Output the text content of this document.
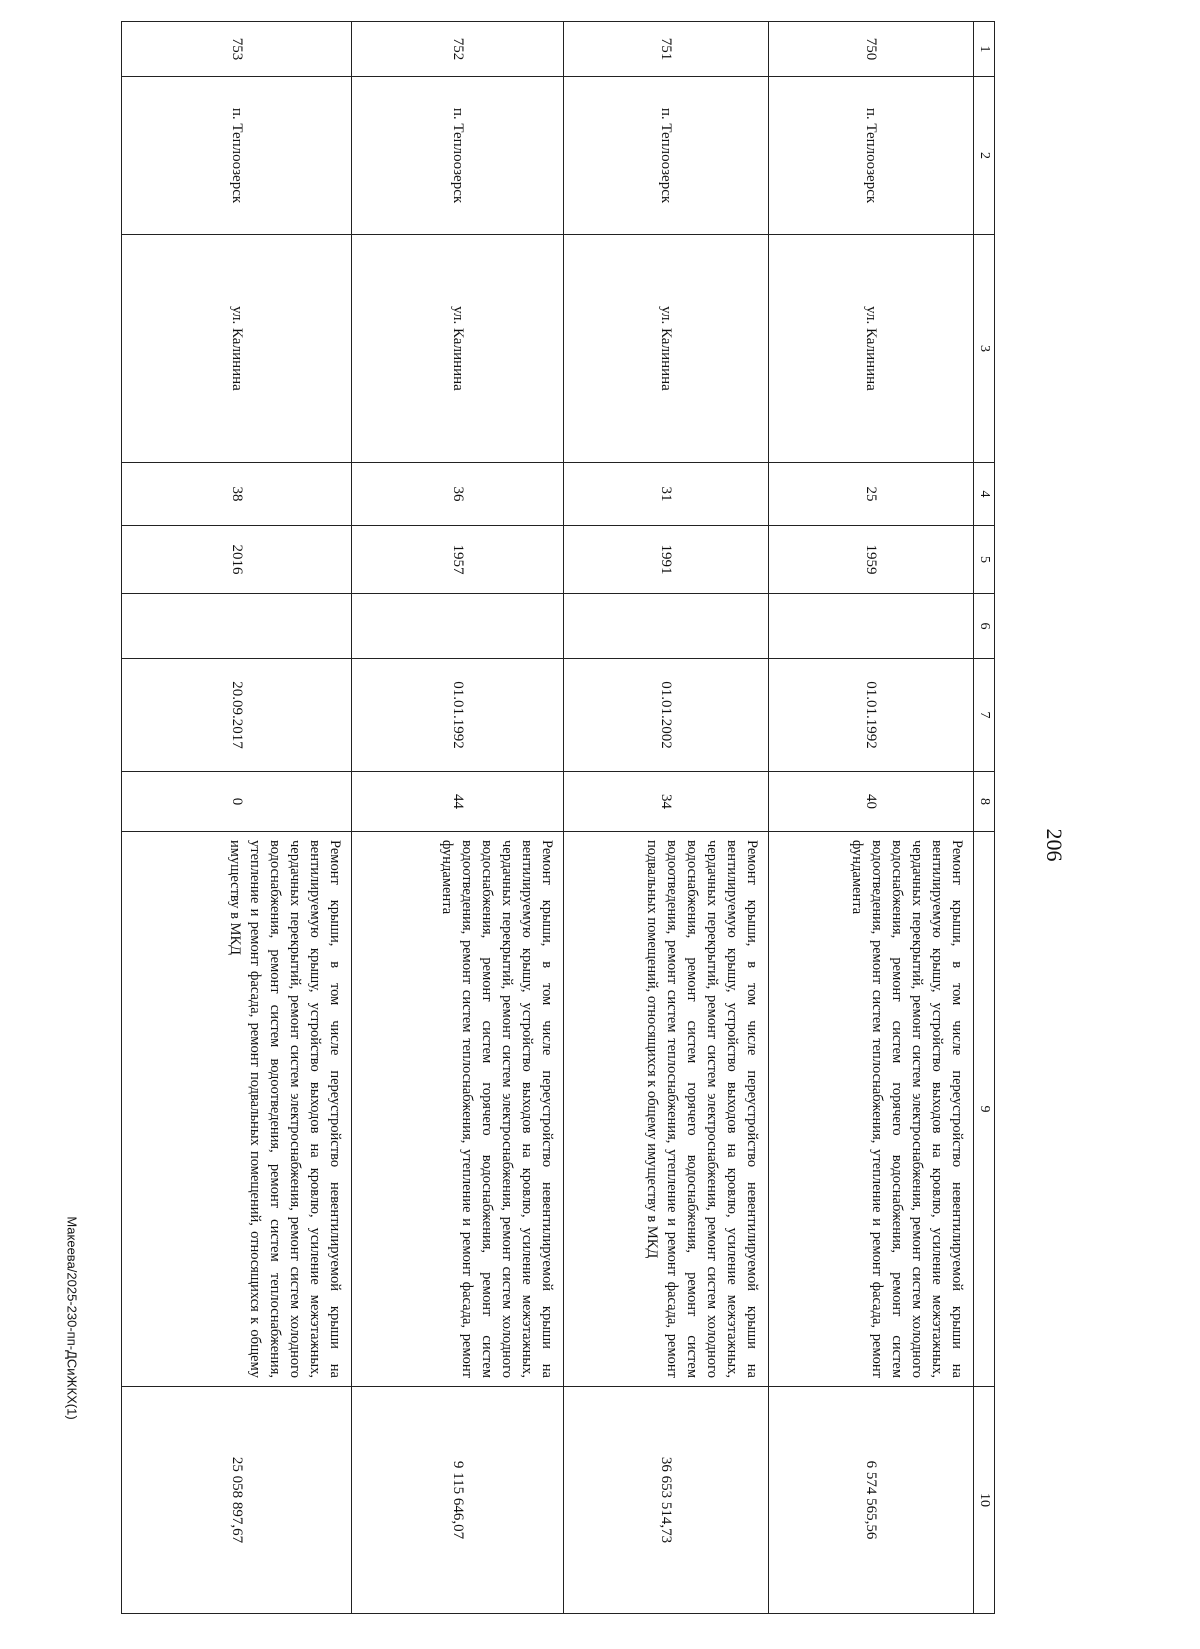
206
1	2	3	4	5	6	7	8	9	10
750	п. Теплоозерск	ул. Калинина	25	1959		01.01.1992	40	Ремонт крыши, в том числе переустройство невентилируемой крыши на вентилируемую крышу, устройство выходов на кровлю, усиление межэтажных, чердачных перекрытий, ремонт систем электроснабжения, ремонт систем холодного водоснабжения, ремонт систем горячего водоснабжения, ремонт систем водоотведения, ремонт систем теплоснабжения, утепление и ремонт фасада, ремонт фундамента	6 574 565,56
751	п. Теплоозерск	ул. Калинина	31	1991		01.01.2002	34	Ремонт крыши, в том числе переустройство невентилируемой крыши на вентилируемую крышу, устройство выходов на кровлю, усиление межэтажных, чердачных перекрытий, ремонт систем электроснабжения, ремонт систем холодного водоснабжения, ремонт систем горячего водоснабжения, ремонт систем водоотведения, ремонт систем теплоснабжения, утепление и ремонт фасада, ремонт подвальных помещений, относящихся к общему имуществу в МКД	36 653 514,73
752	п. Теплоозерск	ул. Калинина	36	1957		01.01.1992	44	Ремонт крыши, в том числе переустройство невентилируемой крыши на вентилируемую крышу, устройство выходов на кровлю, усиление межэтажных, чердачных перекрытий, ремонт систем электроснабжения, ремонт систем холодного водоснабжения, ремонт систем горячего водоснабжения, ремонт систем водоотведения, ремонт систем теплоснабжения, утепление и ремонт фасада, ремонт фундамента	9 115 646,07
753	п. Теплоозерск	ул. Калинина	38	2016		20.09.2017	0	Ремонт крыши, в том числе переустройство невентилируемой крыши на вентилируемую крышу, устройство выходов на кровлю, усиление межэтажных, чердачных перекрытий, ремонт систем электроснабжения, ремонт систем холодного водоснабжения, ремонт систем водоотведения, ремонт систем теплоснабжения, утепление и ремонт фасада, ремонт подвальных помещений, относящихся к общему имуществу в МКД	25 058 897,67
Макеева/2025-230-пп-ДСиЖКХ(1)
